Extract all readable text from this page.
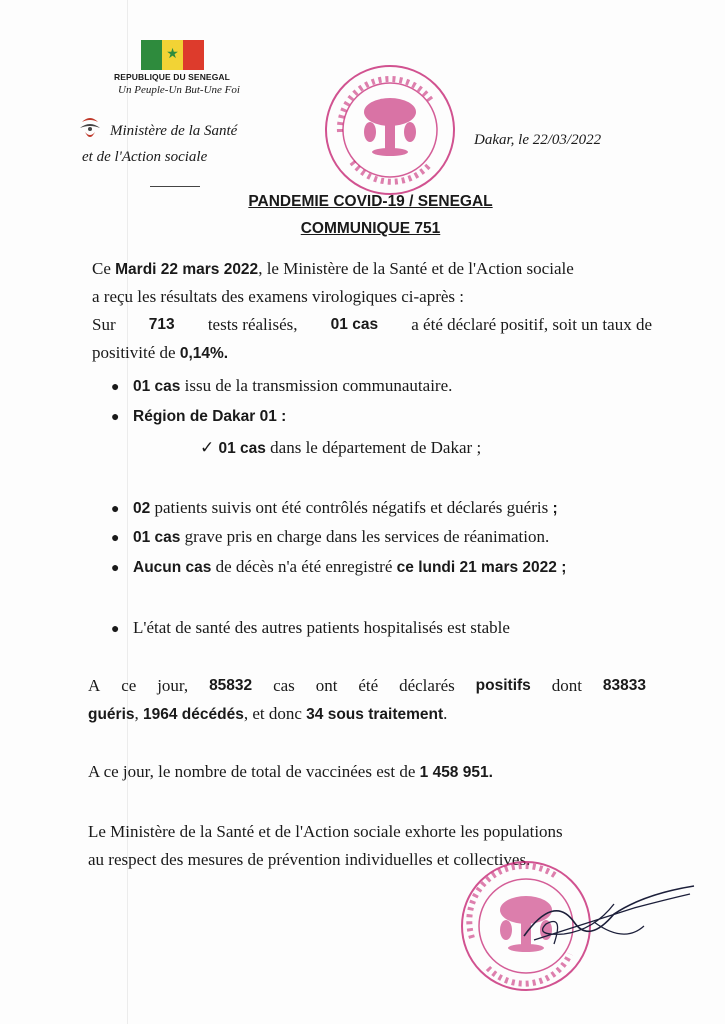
★
REPUBLIQUE DU SENEGAL
Un Peuple-Un But-Une Foi
Ministère de la Santé
et de l'Action sociale
Dakar, le 22/03/2022
PANDEMIE COVID-19 / SENEGAL
COMMUNIQUE 751
Ce Mardi 22 mars 2022, le Ministère de la Santé et de l'Action sociale
a reçu les résultats des examens virologiques ci-après :
Sur 713 tests réalisés, 01 cas a été déclaré positif, soit un taux de
positivité de 0,14%.
● 01 cas issu de la transmission communautaire.
● Région de Dakar 01 :
✓ 01 cas dans le département de Dakar ;
● 02 patients suivis ont été contrôlés négatifs et déclarés guéris ;
● 01 cas grave pris en charge dans les services de réanimation.
● Aucun cas de décès n'a été enregistré ce lundi 21 mars 2022 ;
● L'état de santé des autres patients hospitalisés est stable
A ce jour, 85832 cas ont été déclarés positifs dont 83833
guéris, 1964 décédés, et donc 34 sous traitement.
A ce jour, le nombre de total de vaccinées est de 1 458 951.
Le Ministère de la Santé et de l'Action sociale exhorte les populations
au respect des mesures de prévention individuelles et collectives.
